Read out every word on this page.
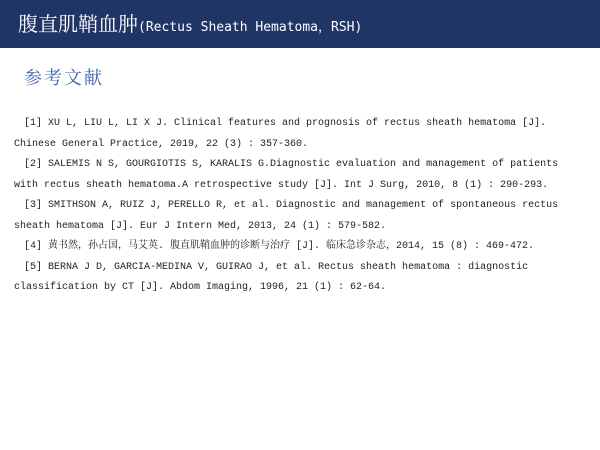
腹直肌鞘血肿(Rectus Sheath Hematoma，RSH)
参考文献
[1] XU L, LIU L, LI X J. Clinical features and prognosis of rectus sheath hematoma [J]. Chinese General Practice, 2019, 22 (3) : 357-360.
[2] SALEMIS N S, GOURGIOTIS S, KARALIS G.Diagnostic evaluation and management of patients with rectus sheath hematoma.A retrospective study [J]. Int J Surg, 2010, 8 (1) : 290-293.
[3] SMITHSON A, RUIZ J, PERELLO R, et al. Diagnostic and management of spontaneous rectus sheath hematoma [J]. Eur J Intern Med, 2013, 24 (1) : 579-582.
[4] 黄书然，孙占国，马艾英. 腹直肌鞘血肿的诊断与治疗 [J]. 临床急诊杂志，2014, 15 (8) : 469-472.
[5] BERNA J D, GARCIA-MEDINA V, GUIRAO J, et al. Rectus sheath hematoma : diagnostic classification by CT [J]. Abdom Imaging, 1996, 21 (1) : 62-64.
